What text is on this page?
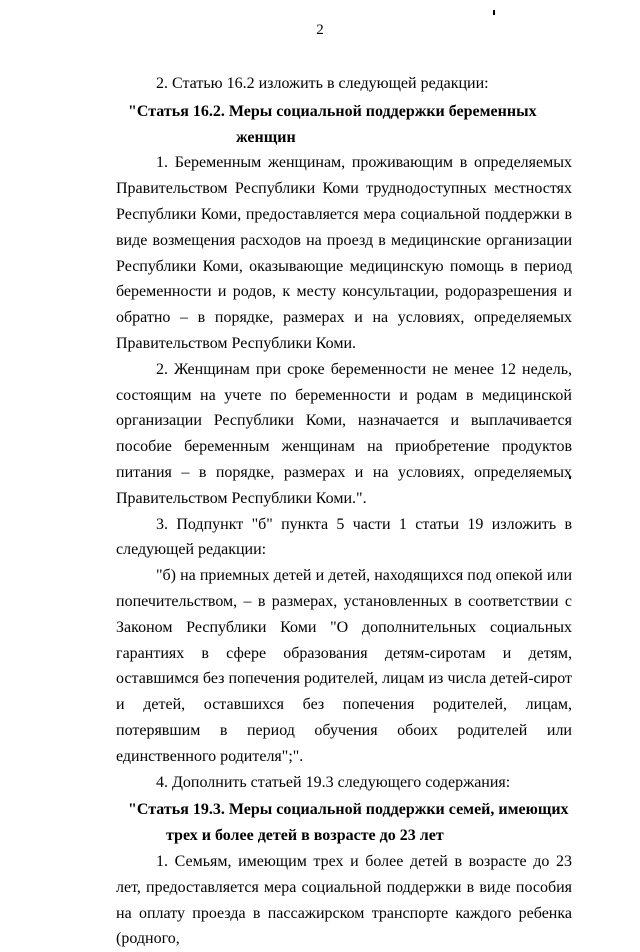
2

2. Статью 16.2 изложить в следующей редакции:

"Статья 16.2. Меры социальной поддержки беременных
женщин

1. Беременным женщинам, проживающим в определяемых Правительством Республики Коми труднодоступных местностях Республики Коми, предоставляется мера социальной поддержки в виде возмещения расходов на проезд в медицинские организации Республики Коми, оказывающие медицинскую помощь в период беременности и родов, к месту консультации, родоразрешения и обратно – в порядке, размерах и на условиях, определяемых Правительством Республики Коми.

2. Женщинам при сроке беременности не менее 12 недель, состоящим на учете по беременности и родам в медицинской организации Республики Коми, назначается и выплачивается пособие беременным женщинам на приобретение продуктов питания – в порядке, размерах и на условиях, определяемых Правительством Республики Коми.".

3. Подпункт "б" пункта 5 части 1 статьи 19 изложить в следующей редакции:

"б) на приемных детей и детей, находящихся под опекой или попечительством, – в размерах, установленных в соответствии с Законом Республики Коми "О дополнительных социальных гарантиях в сфере образования детям-сиротам и детям, оставшимся без попечения родителей, лицам из числа детей-сирот и детей, оставшихся без попечения родителей, лицам, потерявшим в период обучения обоих родителей или единственного родителя";".

4. Дополнить статьей 19.3 следующего содержания:

"Статья 19.3. Меры социальной поддержки семей, имеющих
трех и более детей в возрасте до 23 лет

1. Семьям, имеющим трех и более детей в возрасте до 23 лет, предоставляется мера социальной поддержки в виде пособия на оплату проезда в пассажирском транспорте каждого ребенка (родного,
